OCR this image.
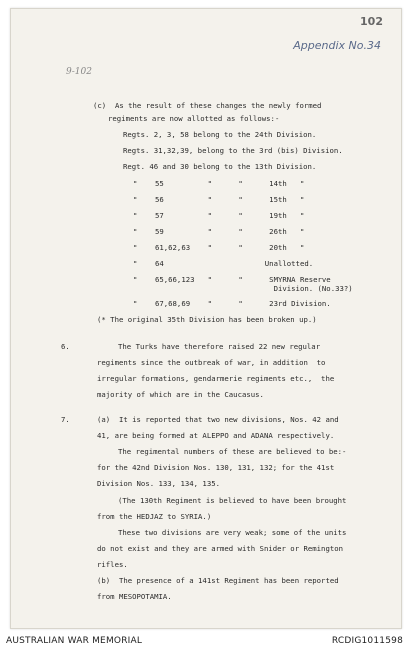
102
Appendix No.34
9-102
(c)  As the result of these changes the newly formed
regiments are now allotted as follows:-
Regts. 2, 3, 58 belong to the 24th Division.
Regts. 31,32,39, belong to the 3rd (bis) Division.
Regt. 46 and 30 belong to the 13th Division.
"    55          "      "      14th   "
"    56          "      "      15th   "
"    57          "      "      19th   "
"    59          "      "      26th   "
"    61,62,63    "      "      20th   "
"    64                       Unallotted.
"    65,66,123   "      "      SMYRNA Reserve
Division. (No.33?)
"    67,68,69    "      "      23rd Division.
(* The original 35th Division has been broken up.)
6.	The Turks have therefore raised 22 new regular
regiments since the outbreak of war, in addition  to
irregular formations, gendarmerie regiments etc.,  the
majority of which are in the Caucasus.
7.	(a)  It is reported that two new divisions, Nos. 42 and
41, are being formed at ALEPPO and ADANA respectively.
The regimental numbers of these are believed to be:-
for the 42nd Division Nos. 130, 131, 132; for the 41st
Division Nos. 133, 134, 135.
(The 130th Regiment is believed to have been brought
from the HEDJAZ to SYRIA.)
These two divisions are very weak; some of the units
do not exist and they are armed with Snider or Remington
rifles.
(b)  The presence of a 141st Regiment has been reported
from MESOPOTAMIA.
AUSTRALIAN WAR MEMORIAL	RCDIG1011598
